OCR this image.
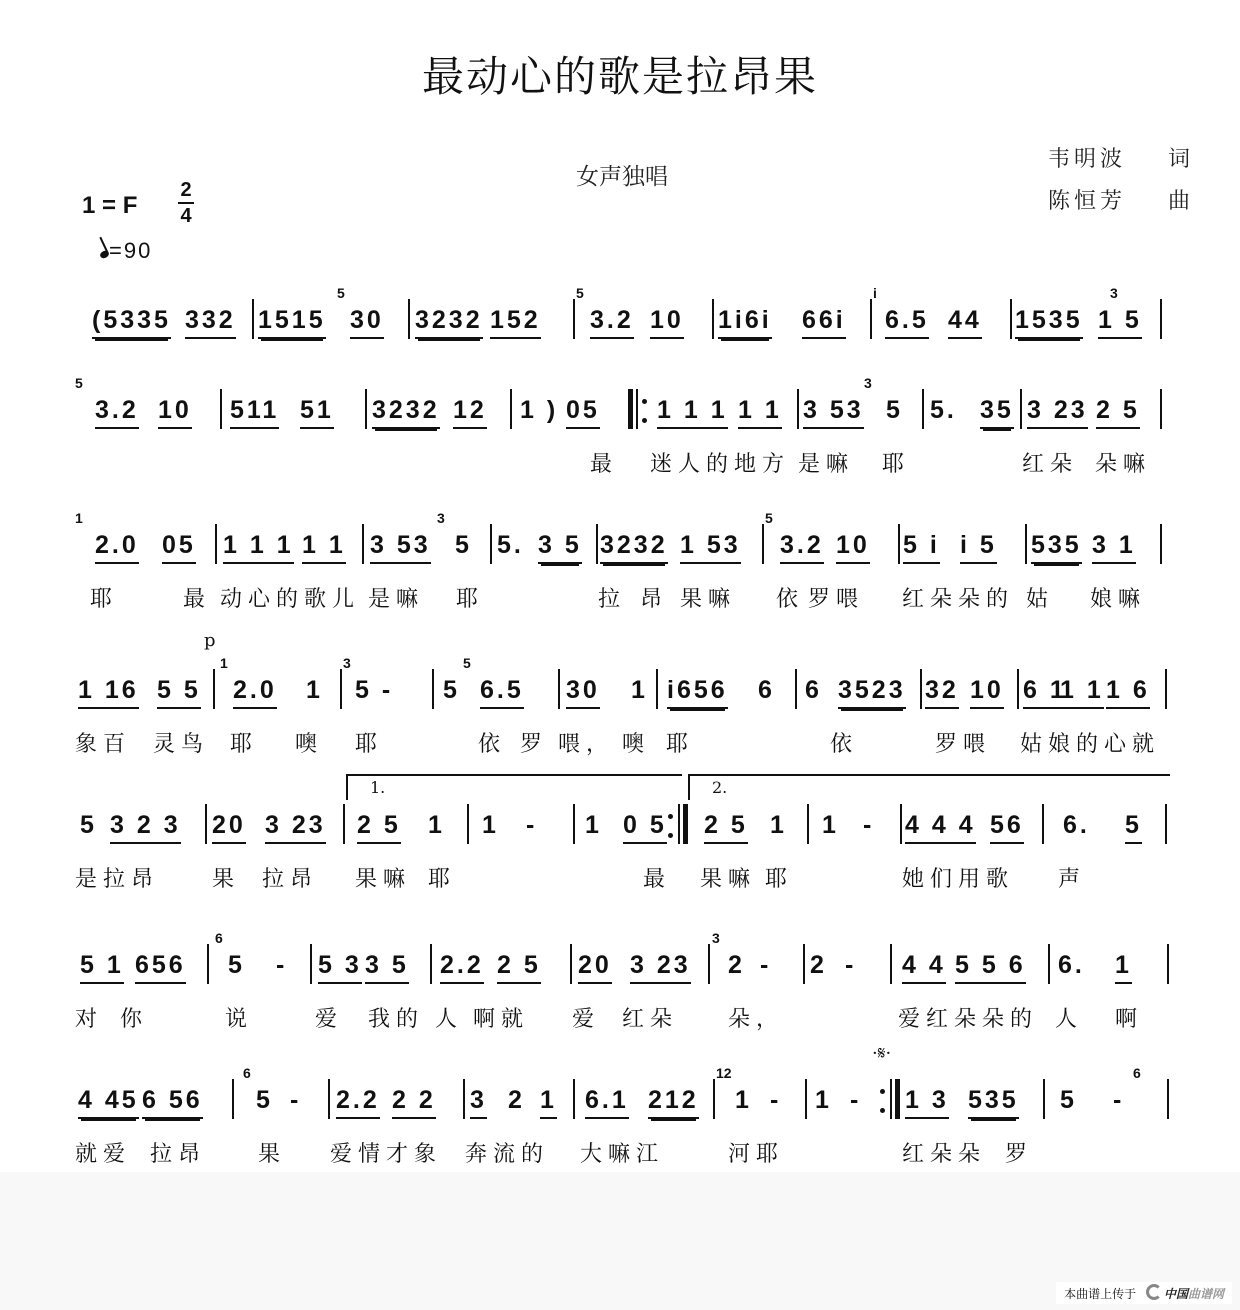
最动心的歌是拉昂果
女声独唱
韦明波 词
陈恒芳 曲
1 = F
2
4
=90
(5335 332 1515 30 3232 152 3.2 10 1i6i 66i 6.5 44 1535 1 5
5	5	i	3
3.2 10 511 51 3232 12 1 ) 05 1 1 1 1 1 3 53 5 5. 35 3 23 2 5
5	3
最 迷人的地方 是嘛 耶	红朵 朵嘛
2.0 05 1 1 1 1 1 3 53 5 5. 3 5 3232 1 53 3.2 10 5 i i 5 535 3 1
1	3	5
耶	最 动心的歌儿 是嘛 耶	拉 昂 果嘛 依 罗喂 红朵朵的 姑 娘嘛
1 16 5 5 2.0 1 5 - 5 6.5 30 1 i656 6 6 3523 32 10 6 1
1 1 1 6
1	3	5
p
象百 灵鸟 耶 噢 耶	依 罗 喂， 噢 耶	依	罗喂 姑娘的心就
5 3 2 3 20 3 23 2 5 1 1 - 1 0 5 2 5 1 1 - 4 4 4 56 6. 5
1.	2.
是拉昂 果 拉昂 果嘛 耶	最 果嘛 耶	她们用歌 声
5 1 656 5 - 5 3 3 5 2.2 2 5 20 3 23 2 - 2 - 4 4 5 5 6 6. 1
6	3
对 你	说	爱 我的 人 啊就 爱 红朵 朵，	爱红朵朵的 人 啊
4 45 6 56 5 - 2.2 2 2 3 2 1 6.1 212 1 - 1 - 1 3 535 5 -
6	12	6
·𝄋·
就爱 拉昂 果 爱情才象 奔流的 大嘛江	河耶	红朵朵 罗
本曲谱上传于 中国曲谱网
